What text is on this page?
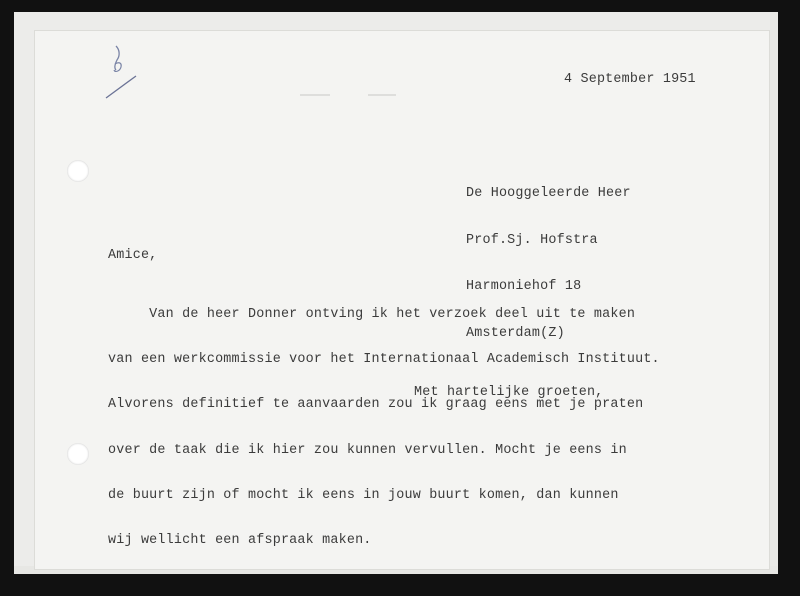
4 September 1951

De Hooggeleerde Heer

Prof.Sj. Hofstra

Harmoniehof 18

Amsterdam(Z)

Amice,

Van de heer Donner ontving ik het verzoek deel uit te maken

van een werkcommissie voor het Internationaal Academisch Instituut.

Alvorens definitief te aanvaarden zou ik graag eens met je praten

over de taak die ik hier zou kunnen vervullen. Mocht je eens in

de buurt zijn of mocht ik eens in jouw buurt komen, dan kunnen

wij wellicht een afspraak maken.

Met hartelijke groeten,
